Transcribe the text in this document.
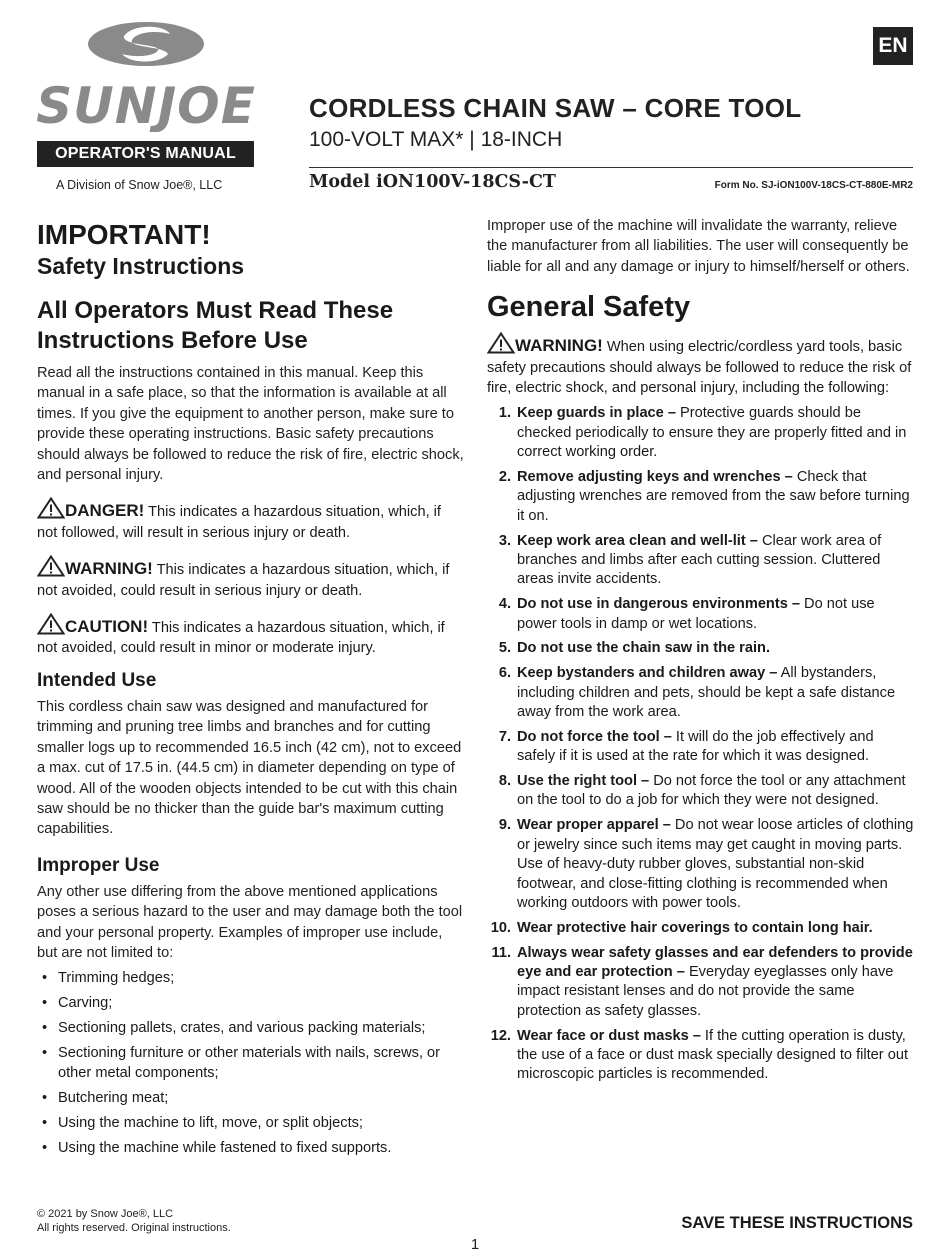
SUNJOE
OPERATOR'S MANUAL
A Division of Snow Joe®, LLC
EN
CORDLESS CHAIN SAW – CORE TOOL
100-VOLT MAX* | 18-INCH
Model iON100V-18CS-CT	Form No. SJ-iON100V-18CS-CT-880E-MR2
IMPORTANT!
Safety Instructions
All Operators Must Read These Instructions Before Use

Read all the instructions contained in this manual. Keep this manual in a safe place, so that the information is available at all times. If you give the equipment to another person, make sure to provide these operating instructions. Basic safety precautions should always be followed to reduce the risk of fire, electric shock, and personal injury.

DANGER! This indicates a hazardous situation, which, if not followed, will result in serious injury or death.
WARNING! This indicates a hazardous situation, which, if not avoided, could result in serious injury or death.
CAUTION! This indicates a hazardous situation, which, if not avoided, could result in minor or moderate injury.
Intended Use

This cordless chain saw was designed and manufactured for trimming and pruning tree limbs and branches and for cutting smaller logs up to recommended 16.5 inch (42 cm), not to exceed a max. cut of 17.5 in. (44.5 cm) in diameter depending on type of wood. All of the wooden objects intended to be cut with this chain saw should be no thicker than the guide bar's maximum cutting capabilities.

Improper Use

Any other use differing from the above mentioned applications poses a serious hazard to the user and may damage both the tool and your personal property. Examples of improper use include, but are not limited to:

• Trimming hedges;
• Carving;
• Sectioning pallets, crates, and various packing materials;
• Sectioning furniture or other materials with nails, screws, or other metal components;
• Butchering meat;
• Using the machine to lift, move, or split objects;
• Using the machine while fastened to fixed supports.

Improper use of the machine will invalidate the warranty, relieve the manufacturer from all liabilities. The user will consequently be liable for all and any damage or injury to himself/herself or others.

General Safety
WARNING! When using electric/cordless yard tools, basic safety precautions should always be followed to reduce the risk of fire, electric shock, and personal injury, including the following:
1. Keep guards in place – Protective guards should be checked periodically to ensure they are properly fitted and in correct working order.
2. Remove adjusting keys and wrenches – Check that adjusting wrenches are removed from the saw before turning it on.
3. Keep work area clean and well-lit – Clear work area of branches and limbs after each cutting session. Cluttered areas invite accidents.
4. Do not use in dangerous environments – Do not use power tools in damp or wet locations.
5. Do not use the chain saw in the rain.
6. Keep bystanders and children away – All bystanders, including children and pets, should be kept a safe distance away from the work area.
7. Do not force the tool – It will do the job effectively and safely if it is used at the rate for which it was designed.
8. Use the right tool – Do not force the tool or any attachment on the tool to do a job for which they were not designed.
9. Wear proper apparel – Do not wear loose articles of clothing or jewelry since such items may get caught in moving parts. Use of heavy-duty rubber gloves, substantial non-skid footwear, and close-fitting clothing is recommended when working outdoors with power tools.
10. Wear protective hair coverings to contain long hair.
11. Always wear safety glasses and ear defenders to provide eye and ear protection – Everyday eyeglasses only have impact resistant lenses and do not provide the same protection as safety glasses.
12. Wear face or dust masks – If the cutting operation is dusty, the use of a face or dust mask specially designed to filter out microscopic particles is recommended.
© 2021 by Snow Joe®, LLC
All rights reserved. Original instructions.	SAVE THESE INSTRUCTIONS
1
